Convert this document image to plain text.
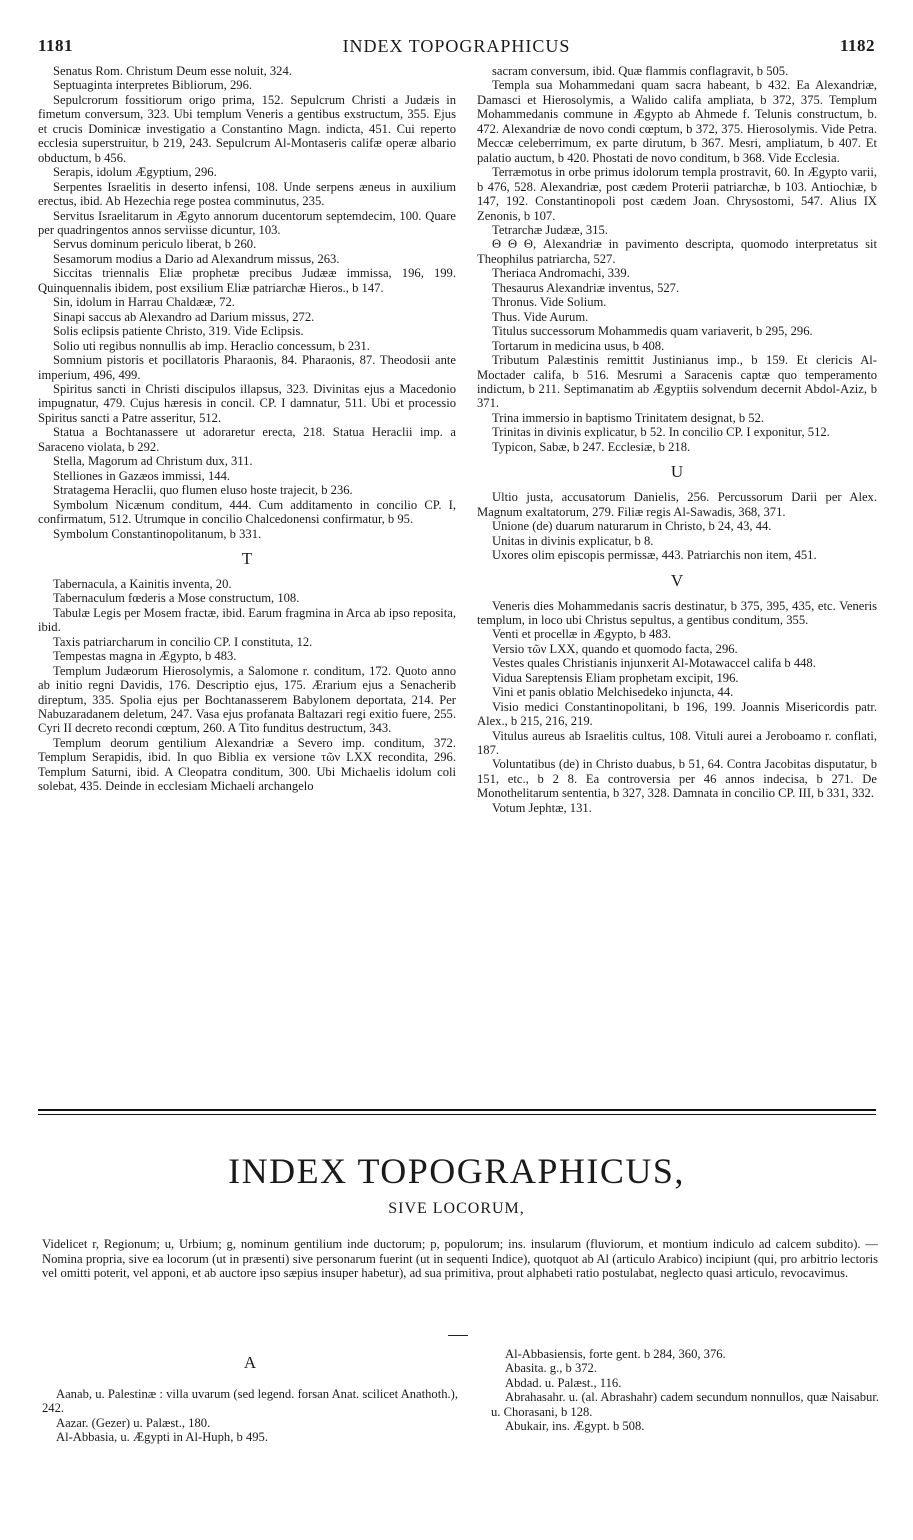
1181	INDEX TOPOGRAPHICUS	1182

Senatus Rom. Christum Deum esse noluit, 324.

Septuaginta interpretes Bibliorum, 296.

Sepulcrorum fossitiorum origo prima, 152. Sepulcrum Christi a Judæis in fimetum conversum, 323. Ubi templum Veneris a gentibus exstructum, 355. Ejus et crucis Dominicæ investigatio a Constantino Magn. indicta, 451. Cui reperto ecclesia superstruitur, b 219, 243. Sepulcrum Al-Montaseris califæ operæ albario obductum, b 456.

Serapis, idolum Ægyptium, 296.

Serpentes Israelitis in deserto infensi, 108. Unde serpens æneus in auxilium erectus, ibid. Ab Hezechia rege postea comminutus, 235.

Servitus Israelitarum in Ægyto annorum ducentorum septemdecim, 100. Quare per quadringentos annos serviisse dicuntur, 103.

Servus dominum periculo liberat, b 260.

Sesamorum modius a Dario ad Alexandrum missus, 263.

Siccitas triennalis Eliæ prophetæ precibus Judææ immissa, 196, 199. Quinquennalis ibidem, post exsilium Eliæ patriarchæ Hieros., b 147.

Sin, idolum in Harrau Chaldææ, 72.

Sinapi saccus ab Alexandro ad Darium missus, 272.

Solis eclipsis patiente Christo, 319. Vide Eclipsis.

Solio uti regibus nonnullis ab imp. Heraclio concessum, b 231.

Somnium pistoris et pocillatoris Pharaonis, 84. Pharaonis, 87. Theodosii ante imperium, 496, 499.

Spiritus sancti in Christi discipulos illapsus, 323. Divinitas ejus a Macedonio impugnatur, 479. Cujus hæresis in concil. CP. I damnatur, 511. Ubi et processio Spiritus sancti a Patre asseritur, 512.

Statua a Bochtanassere ut adoraretur erecta, 218. Statua Heraclii imp. a Saraceno violata, b 292.

Stella, Magorum ad Christum dux, 311.

Stelliones in Gazæos immissi, 144.

Stratagema Heraclii, quo flumen eluso hoste trajecit, b 236.

Symbolum Nicænum conditum, 444. Cum additamento in concilio CP. I, confirmatum, 512. Utrumque in concilio Chalcedonensi confirmatur, b 95.

Symbolum Constantinopolitanum, b 331.

T

Tabernacula, a Kainitis inventa, 20.

Tabernaculum fœderis a Mose constructum, 108.

Tabulæ Legis per Mosem fractæ, ibid. Earum fragmina in Arca ab ipso reposita, ibid.

Taxis patriarcharum in concilio CP. I constituta, 12.

Tempestas magna in Ægypto, b 483.

Templum Judæorum Hierosolymis, a Salomone r. conditum, 172. Quoto anno ab initio regni Davidis, 176. Descriptio ejus, 175. Ærarium ejus a Senacherib direptum, 335. Spolia ejus per Bochtanasserem Babylonem deportata, 214. Per Nabuzaradanem deletum, 247. Vasa ejus profanata Baltazari regi exitio fuere, 255. Cyri II decreto recondi cœptum, 260. A Tito funditus destructum, 343.

Templum deorum gentilium Alexandriæ a Severo imp. conditum, 372. Templum Serapidis, ibid. In quo Biblia ex versione τῶν LXX recondita, 296. Templum Saturni, ibid. A Cleopatra conditum, 300. Ubi Michaelis idolum coli solebat, 435. Deinde in ecclesiam Michaeli archangelo

sacram conversum, ibid. Quæ flammis conflagravit, b 505.

Templa sua Mohammedani quam sacra habeant, b 432. Ea Alexandriæ, Damasci et Hierosolymis, a Walido califa ampliata, b 372, 375. Templum Mohammedanis commune in Ægypto ab Ahmede f. Telunis constructum, b. 472. Alexandriæ de novo condi cœptum, b 372, 375. Hierosolymis. Vide Petra. Meccæ celeberrimum, ex parte dirutum, b 367. Mesri, ampliatum, b 407. Et palatio auctum, b 420. Phostati de novo conditum, b 368. Vide Ecclesia.

Terræmotus in orbe primus idolorum templa prostravit, 60. In Ægypto varii, b 476, 528. Alexandriæ, post cædem Proterii patriarchæ, b 103. Antiochiæ, b 147, 192. Constantinopoli post cædem Joan. Chrysostomi, 547. Alius IX Zenonis, b 107.

Tetrarchæ Judææ, 315.

Θ Θ Θ, Alexandriæ in pavimento descripta, quomodo interpretatus sit Theophilus patriarcha, 527.

Theriaca Andromachi, 339.

Thesaurus Alexandriæ inventus, 527.

Thronus. Vide Solium.

Thus. Vide Aurum.

Titulus successorum Mohammedis quam variaverit, b 295, 296.

Tortarum in medicina usus, b 408.

Tributum Palæstinis remittit Justinianus imp., b 159. Et clericis Al-Moctader califa, b 516. Mesrumi a Saracenis captæ quo temperamento indictum, b 211. Septimanatim ab Ægyptiis solvendum decernit Abdol-Aziz, b 371.

Trina immersio in baptismo Trinitatem designat, b 52.

Trinitas in divinis explicatur, b 52. In concilio CP. I exponitur, 512.

Typicon, Sabæ, b 247. Ecclesiæ, b 218.

U

Ultio justa, accusatorum Danielis, 256. Percussorum Darii per Alex. Magnum exaltatorum, 279. Filiæ regis Al-Sawadis, 368, 371.

Unione (de) duarum naturarum in Christo, b 24, 43, 44.

Unitas in divinis explicatur, b 8.

Uxores olim episcopis permissæ, 443. Patriarchis non item, 451.

V

Veneris dies Mohammedanis sacris destinatur, b 375, 395, 435, etc. Veneris templum, in loco ubi Christus sepultus, a gentibus conditum, 355.

Venti et procellæ in Ægypto, b 483.

Versio τῶν LXX, quando et quomodo facta, 296.

Vestes quales Christianis injunxerit Al-Motawaccel califa b 448.

Vidua Sareptensis Eliam prophetam excipit, 196.

Vini et panis oblatio Melchisedeko injuncta, 44.

Visio medici Constantinopolitani, b 196, 199. Joannis Misericordis patr. Alex., b 215, 216, 219.

Vitulus aureus ab Israelitis cultus, 108. Vituli aurei a Jeroboamo r. conflati, 187.

Voluntatibus (de) in Christo duabus, b 51, 64. Contra Jacobitas disputatur, b 151, etc., b 2 8. Ea controversia per 46 annos indecisa, b 271. De Monothelitarum sententia, b 327, 328. Damnata in concilio CP. III, b 331, 332.

Votum Jephtæ, 131.

INDEX TOPOGRAPHICUS,
SIVE LOCORUM,

Videlicet r, Regionum; u, Urbium; g, nominum gentilium inde ductorum; p, populorum; ins. insularum (fluviorum, et montium indiculo ad calcem subdito). — Nomina propria, sive ea locorum (ut in præsenti) sive personarum fuerint (ut in sequenti Indice), quotquot ab Al (articulo Arabico) incipiunt (qui, pro arbitrio lectoris vel omitti poterit, vel apponi, et ab auctore ipso sæpius insuper habetur), ad sua primitiva, prout alphabeti ratio postulabat, neglecto quasi articulo, revocavimus.

A

Aanab, u. Palestinæ : villa uvarum (sed legend. forsan Anat. scilicet Anathoth.), 242.

Aazar. (Gezer) u. Palæst., 180.

Al-Abbasia, u. Ægypti in Al-Huph, b 495.

Al-Abbasiensis, forte gent. b 284, 360, 376.

Abasita. g., b 372.

Abdad. u. Palæst., 116.

Abrahasahr. u. (al. Abrashahr) cadem secundum nonnullos, quæ Naisabur. u. Chorasani, b 128.

Abukair, ins. Ægypt. b 508.
